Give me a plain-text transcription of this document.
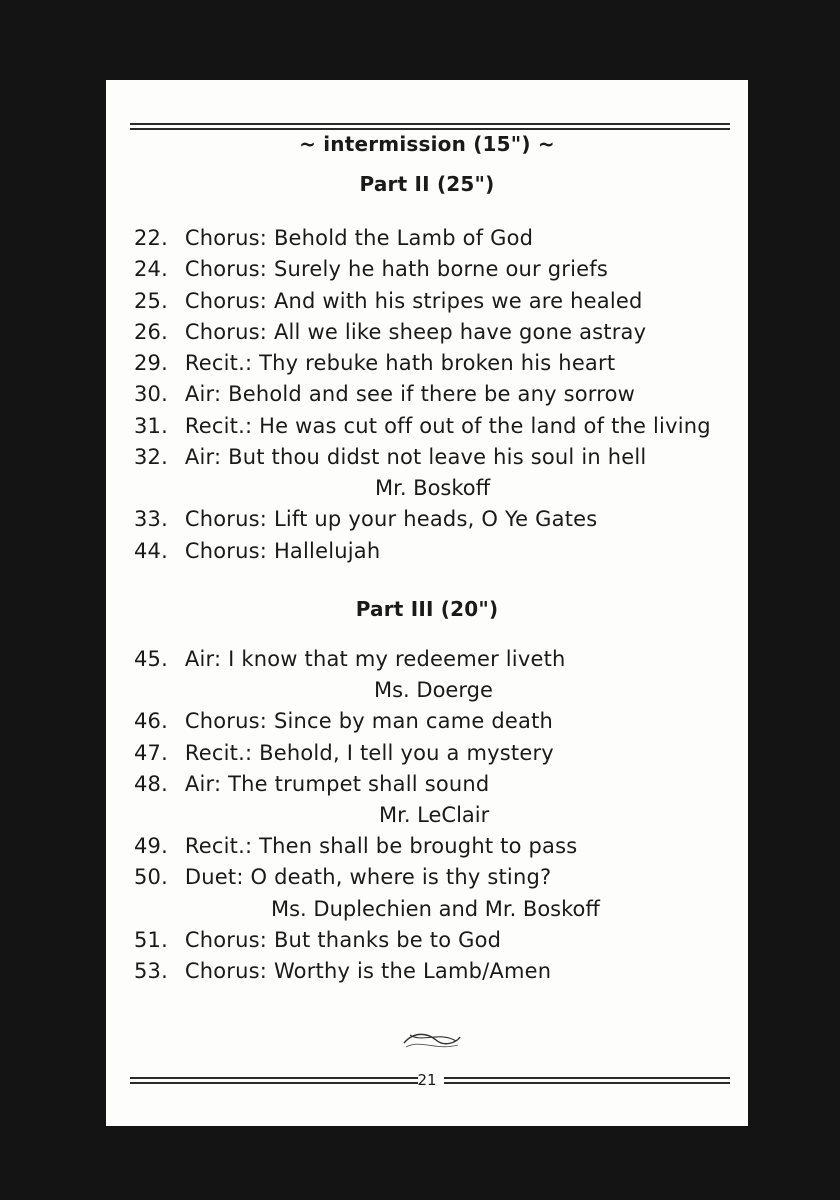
~ intermission (15") ~
Part II (25")
22. Chorus: Behold the Lamb of God
24. Chorus: Surely he hath borne our griefs
25. Chorus: And with his stripes we are healed
26. Chorus: All we like sheep have gone astray
29. Recit.: Thy rebuke hath broken his heart
30. Air: Behold and see if there be any sorrow
31. Recit.: He was cut off out of the land of the living
32. Air: But thou didst not leave his soul in hell
Mr. Boskoff
33. Chorus: Lift up your heads, O Ye Gates
44. Chorus: Hallelujah
Part III (20")
45. Air: I know that my redeemer liveth
Ms. Doerge
46. Chorus: Since by man came death
47. Recit.: Behold, I tell you a mystery
48. Air: The trumpet shall sound
Mr. LeClair
49. Recit.: Then shall be brought to pass
50. Duet: O death, where is thy sting?
Ms. Duplechien and Mr. Boskoff
51. Chorus: But thanks be to God
53. Chorus: Worthy is the Lamb/Amen
21
